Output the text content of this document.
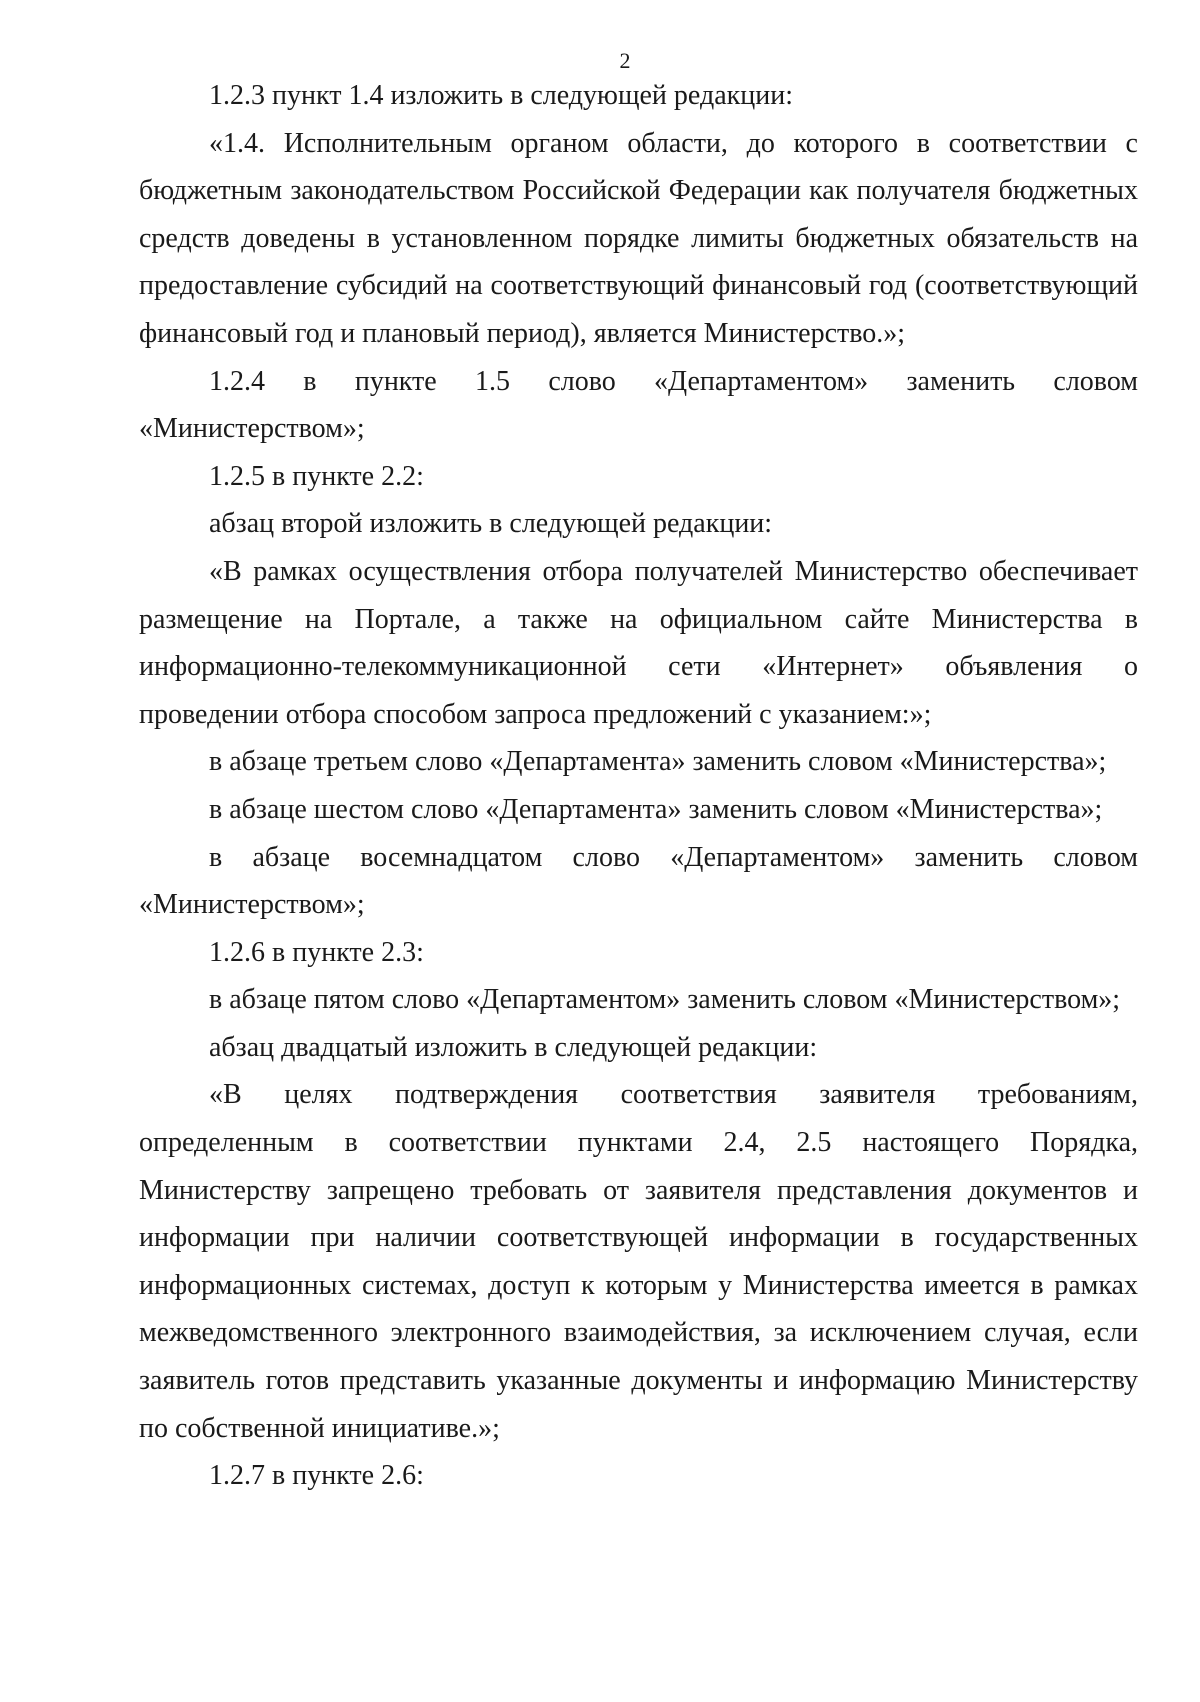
2

1.2.3 пункт 1.4 изложить в следующей редакции:

«1.4. Исполнительным органом области, до которого в соответствии с бюджетным законодательством Российской Федерации как получателя бюджетных средств доведены в установленном порядке лимиты бюджетных обязательств на предоставление субсидий на соответствующий финансовый год (соответствующий финансовый год и плановый период), является Министерство.»;

1.2.4 в пункте 1.5 слово «Департаментом» заменить словом «Министерством»;

1.2.5 в пункте 2.2:

абзац второй изложить в следующей редакции:

«В рамках осуществления отбора получателей Министерство обеспечивает размещение на Портале, а также на официальном сайте Министерства в информационно-телекоммуникационной сети «Интернет» объявления о проведении отбора способом запроса предложений с указанием:»;

в абзаце третьем слово «Департамента» заменить словом «Министерства»;

в абзаце шестом слово «Департамента» заменить словом «Министерства»;

в абзаце восемнадцатом слово «Департаментом» заменить словом «Министерством»;

1.2.6 в пункте 2.3:

в абзаце пятом слово «Департаментом» заменить словом «Министерством»;

абзац двадцатый изложить в следующей редакции:

«В целях подтверждения соответствия заявителя требованиям, определенным в соответствии пунктами 2.4, 2.5 настоящего Порядка, Министерству запрещено требовать от заявителя представления документов и информации при наличии соответствующей информации в государственных информационных системах, доступ к которым у Министерства имеется в рамках межведомственного электронного взаимодействия, за исключением случая, если заявитель готов представить указанные документы и информацию Министерству по собственной инициативе.»;

1.2.7 в пункте 2.6:
